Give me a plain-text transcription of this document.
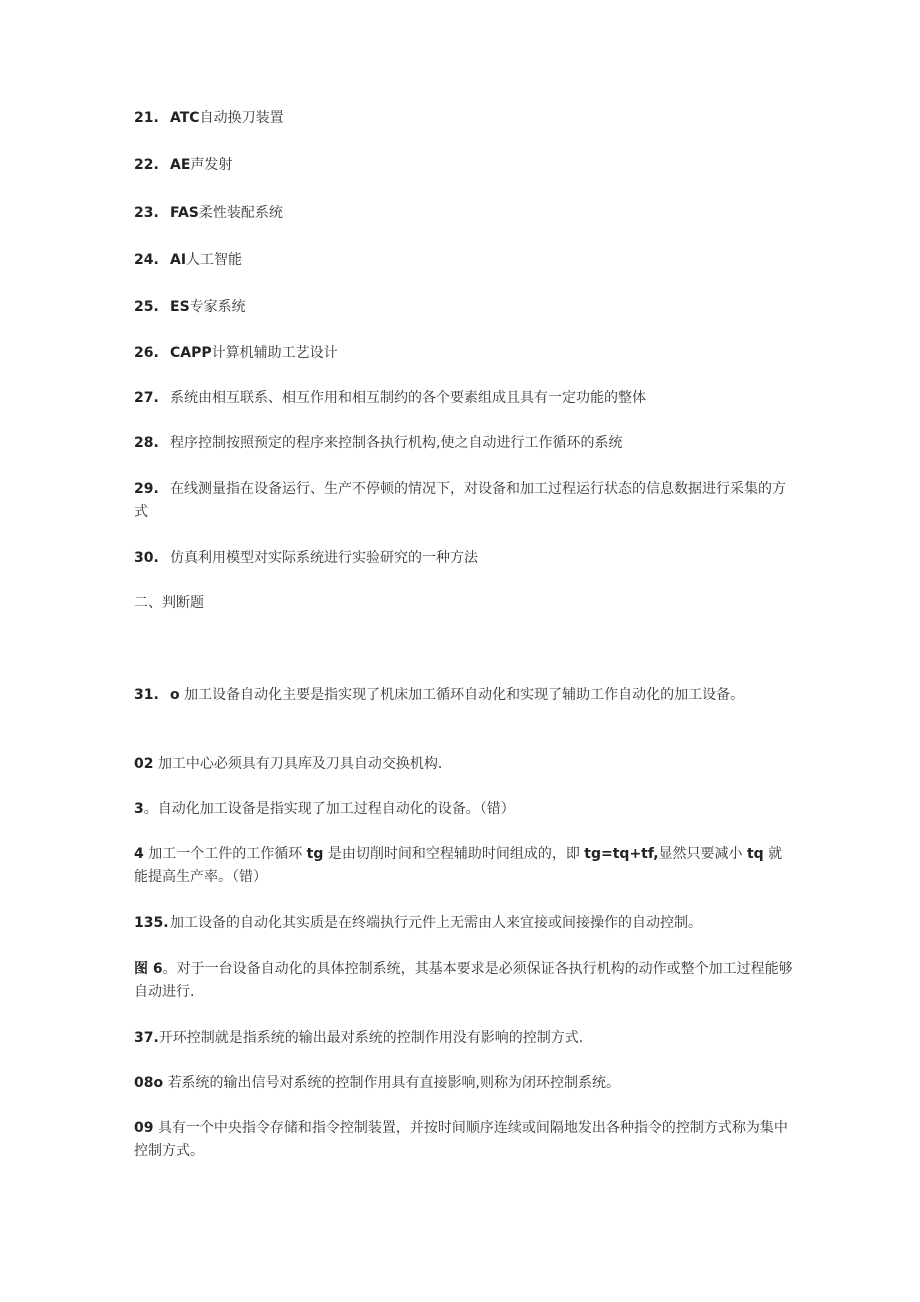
21. ATC自动换刀装置
22. AE声发射
23. FAS柔性装配系统
24. AI人工智能
25. ES专家系统
26. CAPP计算机辅助工艺设计
27. 系统由相互联系、相互作用和相互制约的各个要素组成且具有一定功能的整体
28. 程序控制按照预定的程序来控制各执行机构,使之自动进行工作循环的系统
29. 在线测量指在设备运行、生产不停顿的情况下，对设备和加工过程运行状态的信息数据进行采集的方式
30. 仿真利用模型对实际系统进行实验研究的一种方法
二、判断题
31. o 加工设备自动化主要是指实现了机床加工循环自动化和实现了辅助工作自动化的加工设备。
02 加工中心必须具有刀具库及刀具自动交换机构.
3。自动化加工设备是指实现了加工过程自动化的设备。（错）
4 加工一个工件的工作循环 tg 是由切削时间和空程辅助时间组成的，即 tg=tq+tf,显然只要减小 tq 就能提高生产率。（错）
135.加工设备的自动化其实质是在终端执行元件上无需由人来宜接或间接操作的自动控制。
图 6。对于一台设备自动化的具体控制系统，其基本要求是必须保证各执行机构的动作或整个加工过程能够自动进行.
37.开环控制就是指系统的输出最对系统的控制作用没有影响的控制方式.
08o 若系统的输出信号对系统的控制作用具有直接影响,则称为闭环控制系统。
09 具有一个中央指令存储和指令控制装置，并按时间顺序连续或间隔地发出各种指令的控制方式称为集中控制方式。
